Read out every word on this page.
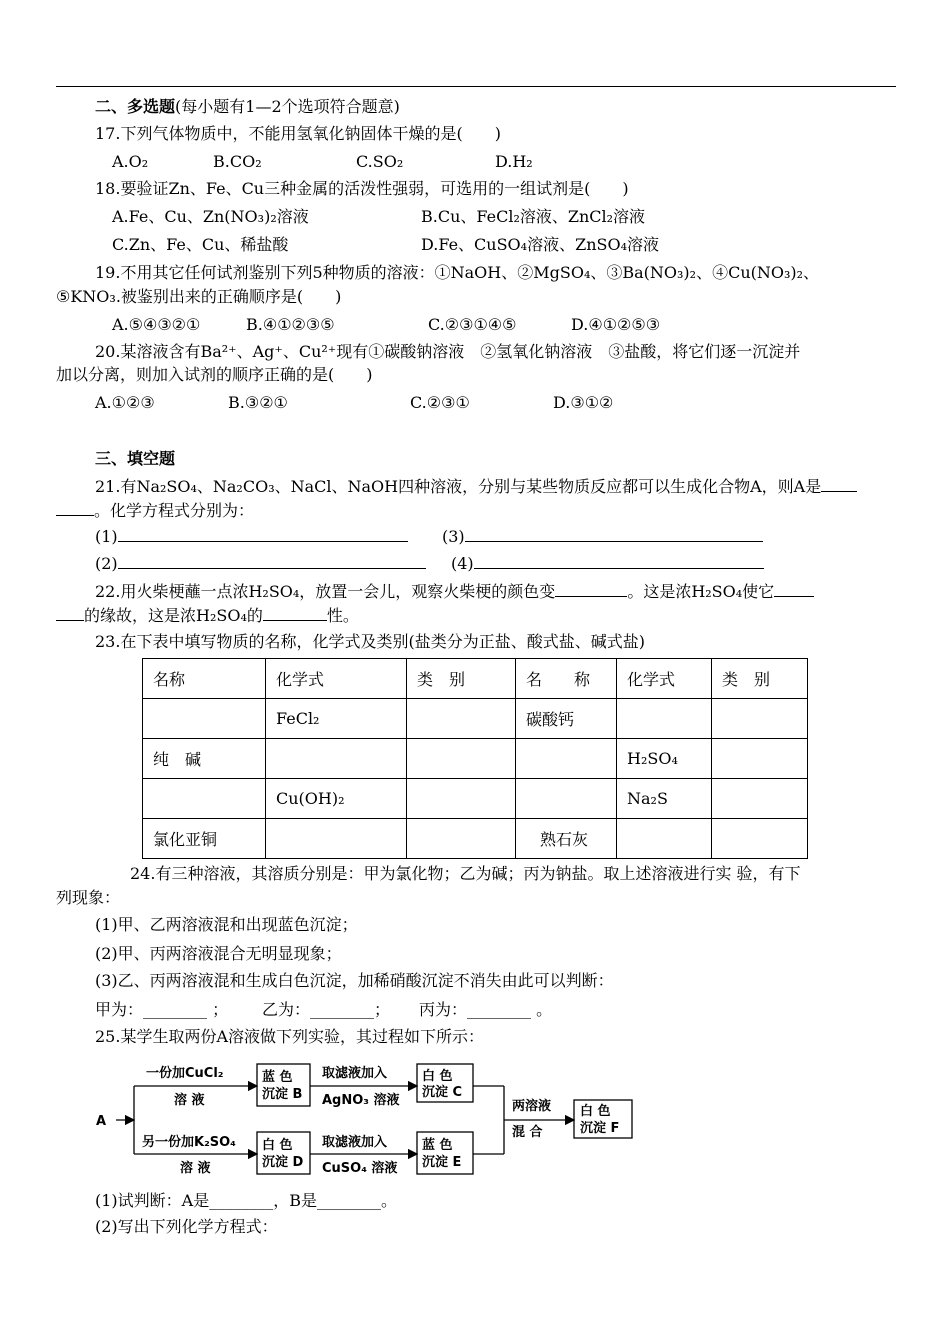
二、多选题(每小题有1—2个选项符合题意)
17.下列气体物质中，不能用氢氧化钠固体干燥的是(　　)
A.O₂	B.CO₂	C.SO₂	D.H₂
18.要验证Zn、Fe、Cu三种金属的活泼性强弱，可选用的一组试剂是(　　)
A.Fe、Cu、Zn(NO₃)₂溶液	B.Cu、FeCl₂溶液、ZnCl₂溶液
C.Zn、Fe、Cu、稀盐酸	D.Fe、CuSO₄溶液、ZnSO₄溶液
19.不用其它任何试剂鉴别下列5种物质的溶液：①NaOH、②MgSO₄、③Ba(NO₃)₂、④Cu(NO₃)₂、
⑤KNO₃.被鉴别出来的正确顺序是(　　)
A.⑤④③②①	B.④①②③⑤	C.②③①④⑤	D.④①②⑤③
20.某溶液含有Ba²⁺、Ag⁺、Cu²⁺现有①碳酸钠溶液　②氢氧化钠溶液　③盐酸，将它们逐一沉淀并
加以分离，则加入试剂的顺序正确的是(　　)
A.①②③	B.③②①	C.②③①	D.③①②
三、填空题
21.有Na₂SO₄、Na₂CO₃、NaCl、NaOH四种溶液，分别与某些物质反应都可以生成化合物A，则A是
。化学方程式分别为：
(1)	(3)
(2)	(4)
22.用火柴梗蘸一点浓H₂SO₄，放置一会儿，观察火柴梗的颜色变	。这是浓H₂SO₄使它
的缘故，这是浓H₂SO₄的	性。
23.在下表中填写物质的名称，化学式及类别(盐类分为正盐、酸式盐、碱式盐)
名称	化学式	类　别	名　　称	化学式	类　别
	FeCl₂		碳酸钙		
纯　碱				H₂SO₄	
	Cu(OH)₂			Na₂S	
氯化亚铜			熟石灰		
24.有三种溶液，其溶质分别是：甲为氯化物；乙为碱；丙为钠盐。取上述溶液进行实 验，有下
列现象：
(1)甲、乙两溶液混和出现蓝色沉淀；
(2)甲、丙两溶液混合无明显现象；
(3)乙、丙两溶液混和生成白色沉淀，加稀硝酸沉淀不消失由此可以判断：
甲为：________ ； 乙为：________； 丙为：________ 。
25.某学生取两份A溶液做下列实验，其过程如下所示：
A
一份加CuCl₂
溶 液
另一份加K₂SO₄
溶 液
蓝 色
沉淀 B
白 色
沉淀 D
取滤液加入
AgNO₃ 溶液
取滤液加入
CuSO₄ 溶液
白 色
沉淀 C
蓝 色
沉淀 E
两溶液
混 合
白 色
沉淀 F
(1)试判断：A是________，B是________。
(2)写出下列化学方程式：
